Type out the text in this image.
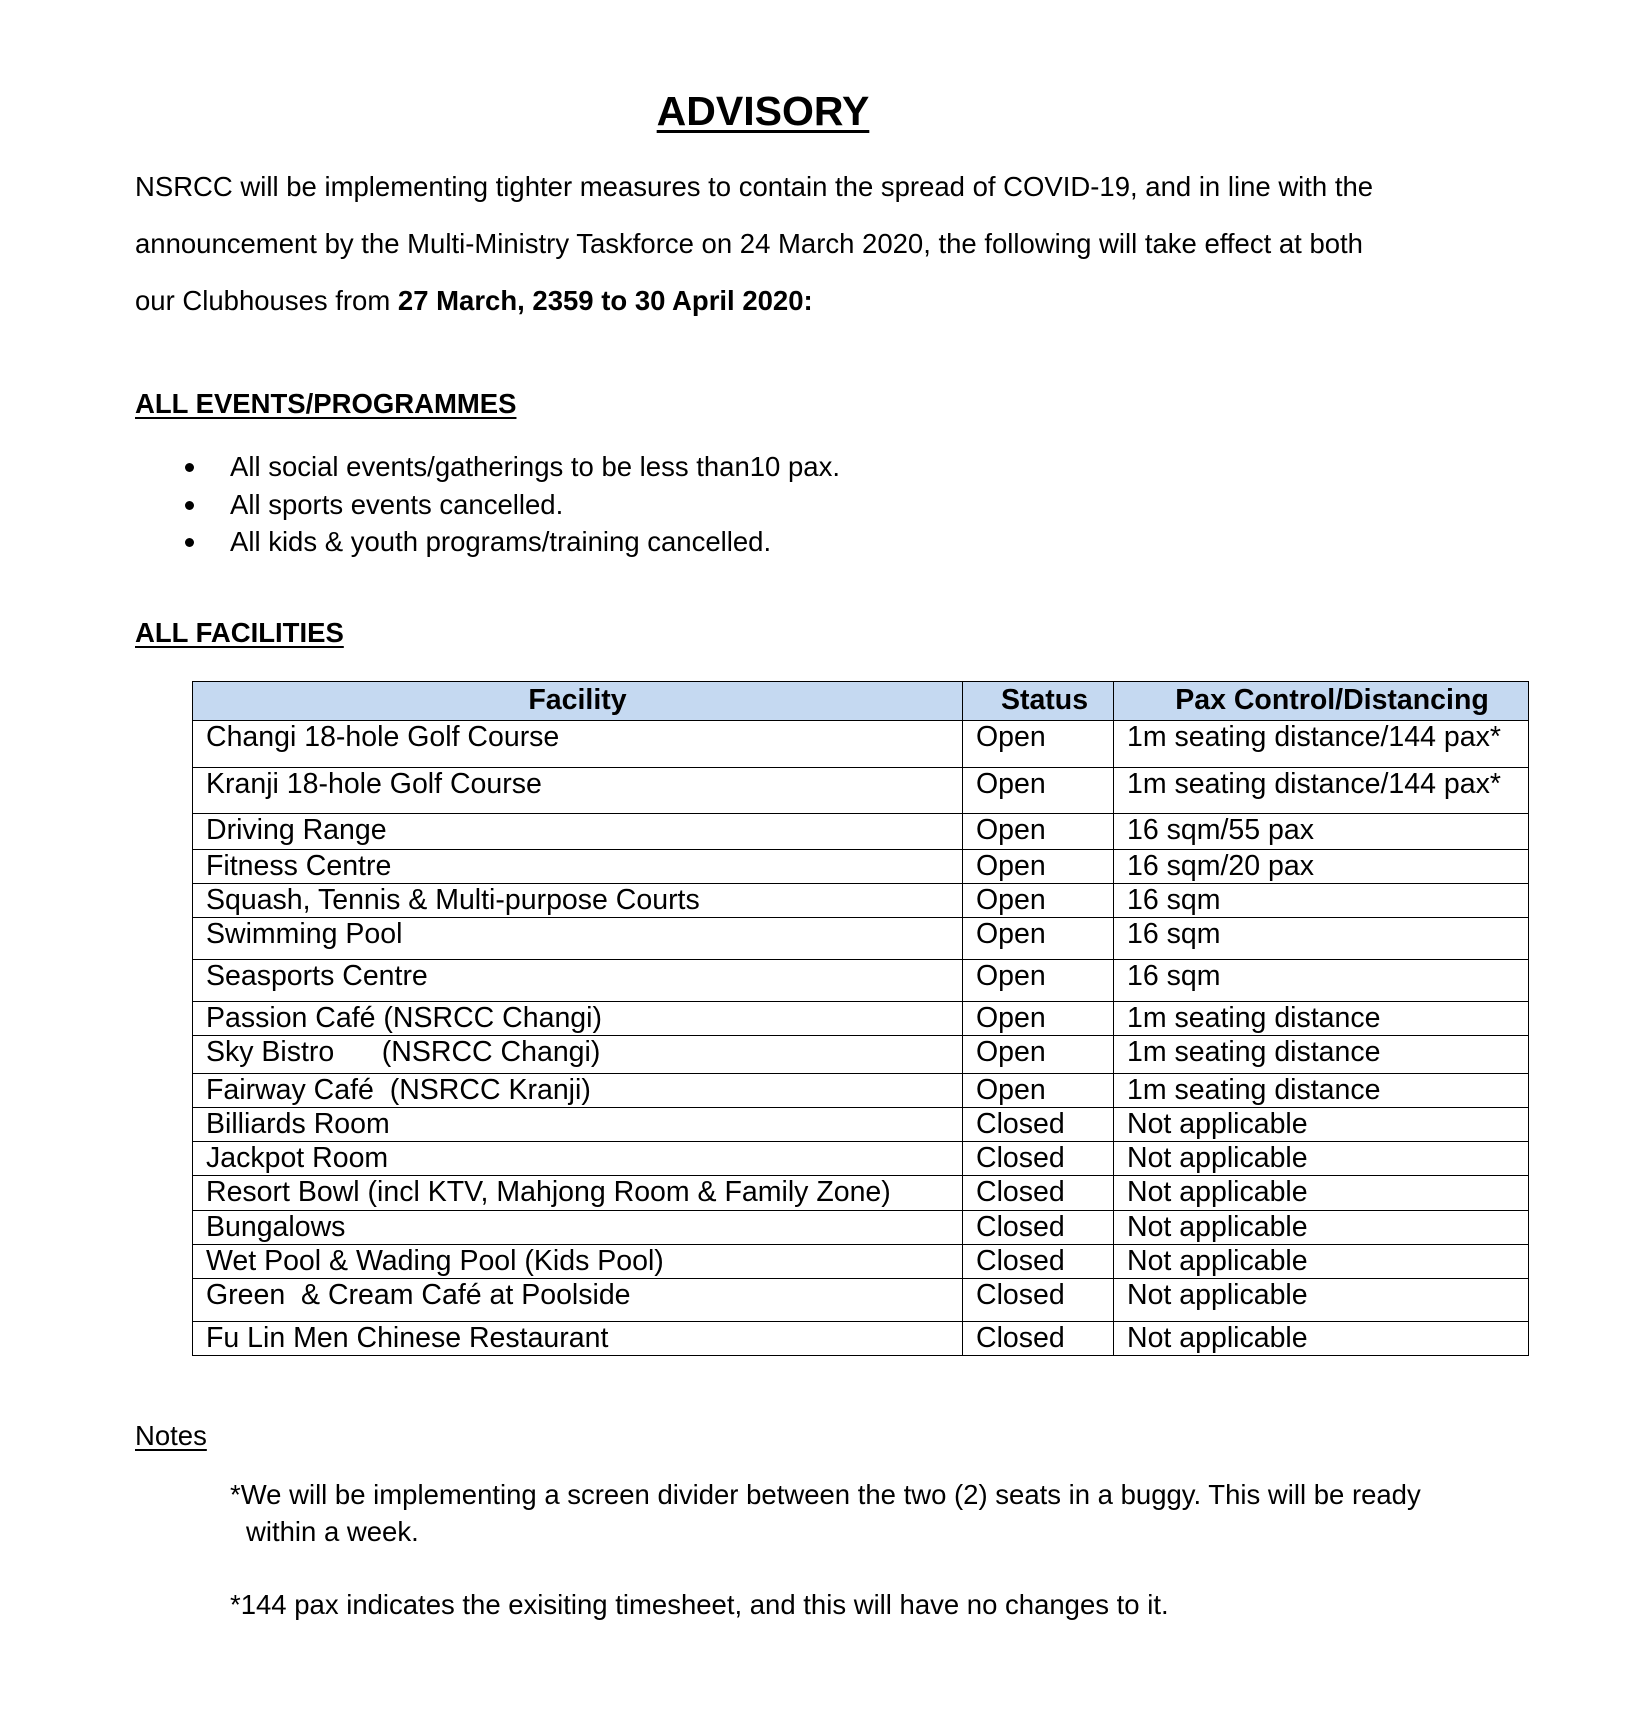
ADVISORY
NSRCC will be implementing tighter measures to contain the spread of COVID-19, and in line with the
announcement by the Multi-Ministry Taskforce on 24 March 2020, the following will take effect at both
our Clubhouses from 27 March, 2359 to 30 April 2020:
ALL EVENTS/PROGRAMMES
All social events/gatherings to be less than10 pax.
All sports events cancelled.
All kids & youth programs/training cancelled.
ALL FACILITIES
Facility	Status	Pax Control/Distancing
Changi 18-hole Golf Course	Open	1m seating distance/144 pax*
Kranji 18-hole Golf Course	Open	1m seating distance/144 pax*
Driving Range	Open	16 sqm/55 pax
Fitness Centre	Open	16 sqm/20 pax
Squash, Tennis & Multi-purpose Courts	Open	16 sqm
Swimming Pool	Open	16 sqm
Seasports Centre	Open	16 sqm
Passion Café (NSRCC Changi)	Open	1m seating distance
Sky Bistro      (NSRCC Changi)	Open	1m seating distance
Fairway Café  (NSRCC Kranji)	Open	1m seating distance
Billiards Room	Closed	Not applicable
Jackpot Room	Closed	Not applicable
Resort Bowl (incl KTV, Mahjong Room & Family Zone)	Closed	Not applicable
Bungalows	Closed	Not applicable
Wet Pool & Wading Pool (Kids Pool)	Closed	Not applicable
Green  & Cream Café at Poolside	Closed	Not applicable
Fu Lin Men Chinese Restaurant	Closed	Not applicable
Notes
*We will be implementing a screen divider between the two (2) seats in a buggy. This will be ready
within a week.
*144 pax indicates the exisiting timesheet, and this will have no changes to it.
